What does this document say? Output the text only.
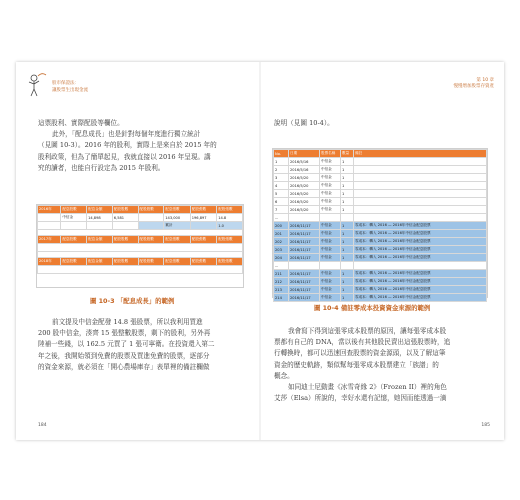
股市保證法：
讓股票生出現金流

這票股利、實際配股等欄位。

此外，「配息成長」也是針對每個年度進行獨立統計

（見圖 10-3）。2016 年的股利，實際上是來自於 2015 年的

股利政策，但為了簡單起見，我就直接以 2016 年呈現。講

究的讀者，也能自行設定為 2015 年股利。

2016年	配息股數	配息金額	配股股數	配股股數	配息張數	配股張數	配股張數
	中信金	14,898	6,581		143,000	196,897	14.8
					累計		1.0

2017年	配息股數	配息金額	配股股數	配股股數	配息張數	配股張數	配股張數

2018年	配息股數	配息金額	配股股數	配股股數	配息張數	配股張數	配股張數

圖 10-3 「配息成長」的範例

前文提及中信金配發 14.8 張股票，所以我利用買進

200 股中信金，湊齊 15 張整數股票，剩下的股利，另外再

陸補一些錢，以 162.5 元買了 1 張可寧衛。在投資還入第二

年之後，我開始領到免費的股票及買進免費的股票，逐部分

的資金來源，就必須在「開心農場庫存」表單裡的備註欄做

184
第 10 章
慢慢增加股票存資產

說明（見圖 10-4）。

No.	日期	股票名稱	數量	備註
1	2016/5/16	中信金	1	
2	2016/5/16	中信金	1	
3	2016/5/20	中信金	1	
4	2016/5/20	中信金	1	
5	2016/5/20	中信金	1	
6	2016/5/20	中信金	1	
7	2016/5/20	中信金	1	
...				
200	2016/11/17	中信金	1	零成本：轉入 2016 — 2016年中信金配息股票
201	2016/11/17	中信金	1	零成本：轉入 2016 — 2016年中信金配息股票
202	2016/11/17	中信金	1	零成本：轉入 2016 — 2016年中信金配息股票
203	2016/11/17	中信金	1	零成本：轉入 2016 — 2016年中信金配息股票
204	2016/11/17	中信金	1	零成本：轉入 2016 — 2016年中信金配息股票
...				
211	2016/11/17	中信金	1	零成本：轉入 2016 — 2016年中信金配息股票
212	2016/11/17	中信金	1	零成本：轉入 2016 — 2016年中信金配息股票
213	2016/11/17	中信金	1	零成本：轉入 2016 — 2016年中信金配息股票
214	2016/11/17	中信金	1	零成本：轉入 2016 — 2016年中信金配息股票
圖 10-4 備註零成本投資資金來源的範例

我會寫下得到這張零成本股票的原因，讓每張零成本股

票都有自己的 DNA，當以後有其他股民賣出這張股票時，追

行轉換時，都可以迅速回查股票的資金源頭，以及了解這筆

資金的歷史軌跡，類似幫每張零成本股票建立「族譜」的

概念。

如同迪士尼動畫《冰雪奇緣 2》（Frozen II）裡的角色

艾莎（Elsa）所說的，幸好水還有記憶，她因而能透過一滴

185
